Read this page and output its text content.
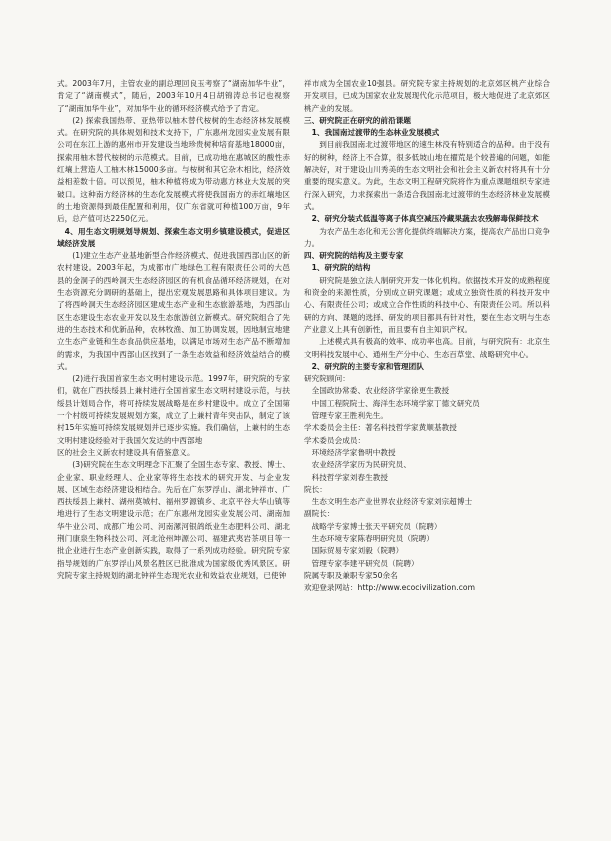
式。2003年7月，主管农业的副总理回良玉考察了“湖南加华牛业”，肯定了“湖南模式”，随后，2003年10月4日胡锦涛总书记也视察了“湖南加华牛业”，对加华牛业的循环经济模式给予了肯定。

(2) 探索我国热带、亚热带以柚木替代桉树的生态经济林发展模式。在研究院的具体规划和技术支持下，广东惠州龙园实业发展有限公司在东江上游的惠州市开发建设当地珍贵树种培育基地18000亩，探索用柚木替代桉树的示范模式。目前，已成功地在惠城区的酸性赤红壤上营造人工柚木林15000多亩。与桉树和其它杂木相比，经济效益相差数十倍。可以预见，柚木种植将成为带动惠方林业大发展的突破口。这种南方经济林的生态化发展模式将使我国南方的赤红壤地区的土地资源得到最佳配置和利用，仅广东省就可种植100万亩，9年后，总产值可达2250亿元。

4、用生态文明规划导规划、探索生态文明乡镇建设模式，促进区域经济发展

(1)建立生态产业基地新型合作经济模式、促进我国西部山区的新农村建设。2003年起，为成都市广地绿色工程有限责任公司的大邑县的金洞子的西岭洞天生态经济园区的有机食品循环经济规划，在对生态资源充分调研的基础上，提出宏观发展思路和具体项目建议。为了将西岭洞天生态经济园区建成生态产业和生态旅游基地，为西部山区生态建设生态农业开发以及生态旅游创立新模式。研究院组合了先进的生态技术和优新品种，农林牧渔、加工协调发展，因地制宜地建立生态产业链和生态食品供应基地，以满足市场对生态产品不断增加的需求，为我国中西部山区找到了一条生态效益和经济效益结合的模式。

(2)进行我国首家生态文明村建设示范。1997年，研究院的专家们，就在广西扶绥县上兼村进行全国首家生态文明村建设示范，与扶绥县计划局合作，将可持续发展战略是在乡村建设中。成立了全国第一个村级可持续发展规划方案，成立了上兼村青年突击队，制定了该村15年实施可持续发展规划并已逐步实施。我们确信，上兼村的生态文明村建设经验对于我国欠发达的中西部地

区的社会主义新农村建设具有借鉴意义。

(3)研究院在生态文明理念下汇聚了全国生态专家、教授、博士、企业家、职业经理人、企业家等将生态技术的研究开发、与企业发展、区域生态经济建设相结合。先后在广东罗浮山、湖北钟祥市、广西扶绥县上兼村、湖州莫城村、福州罗源镇乡、北京平谷大华山镇等地进行了生态文明建设示范；在广东惠州龙园实业发展公司、湖南加华牛业公司、成都广地公司、河南漯河银鸽纸业生态肥料公司、湖北荆门康泉生物科技公司、河北沧州坤源公司、福建武夷岩茶项目等一批企业进行生态产业创新实践，取得了一系列成功经验。研究院专家指导规划的广东罗浮山风景名胜区已批准成为国家级优秀风景区。研究院专家主持规划的湖北钟祥生态现光农业和效益农业规划，已使钟

祥市成为全国农业10强县。研究院专家主持规划的北京郊区桃产业综合开发项目，已成为国家农业发展现代化示范项目，极大地促进了北京郊区桃产业的发展。

三、研究院正在研究的前沿课题

1、我国南过渡带的生态林业发展模式

到目前我国南北过渡带地区的速生林没有特别适合的品种。由于没有好的树种，经济上不合算，很多低坡山地在擢荒是个较普遍的问题，如能解决好，对于建设山川秀美的生态文明社会和社会主义新农村将具有十分重要的现实意义。为此，生态文明工程研究院将作为重点课题组织专家进行深入研究，力求探索出一条适合我国南北过渡带的生态经济林业发展模式。

2、研究分装式低温等离子体真空减压冷藏果蔬去农残解毒保鲜技术

为农产品生态化和无公害化提供终端解决方案，提高农产品出口竞争力。

四、研究院的结构及主要专家

1、研究院的结构

研究院是独立法人制研究开发一体化机构。依据技术开发的成熟程度和资金的来源性质，分别成立研究课题；或成立独资性质的科技开发中心、有限责任公司；或成立合作性质的科技中心、有限责任公司。所以科研的方向、课题的选择、研发的项目都具有针对性，要在生态文明与生态产业意义上具有创新性，而且要有自主知识产权。

上述模式具有极高的效率、成功率也高。目前，与研究院有：北京生文明科技发展中心、通州生产分中心、生态百草堂、战略研究中心。

2、研究院的主要专家和管理团队

研究院顾问：

全国政协常委、农业经济学家徐更生教授

中国工程院院士、海洋生态环境学家丁德文研究员

管理专家王胜利先生。

学术委员会主任：著名科技哲学家黄顺基教授

学术委员会成员：

环境经济学家鲁明中教授

农业经济学家历为民研究员、

科技哲学家刘春生教授

院长：

生态文明生态产业世界农业经济专家刘宗超博士

副院长：

战略学专家博士张天平研究员（院聘）

生态环境专家陈春明研究员（院聘）

国际贸易专家刘毅（院聘）

管理专家李建平研究员（院聘）

院属专职及兼职专家50余名

欢迎登录网站：http://www.ecocivilization.com
